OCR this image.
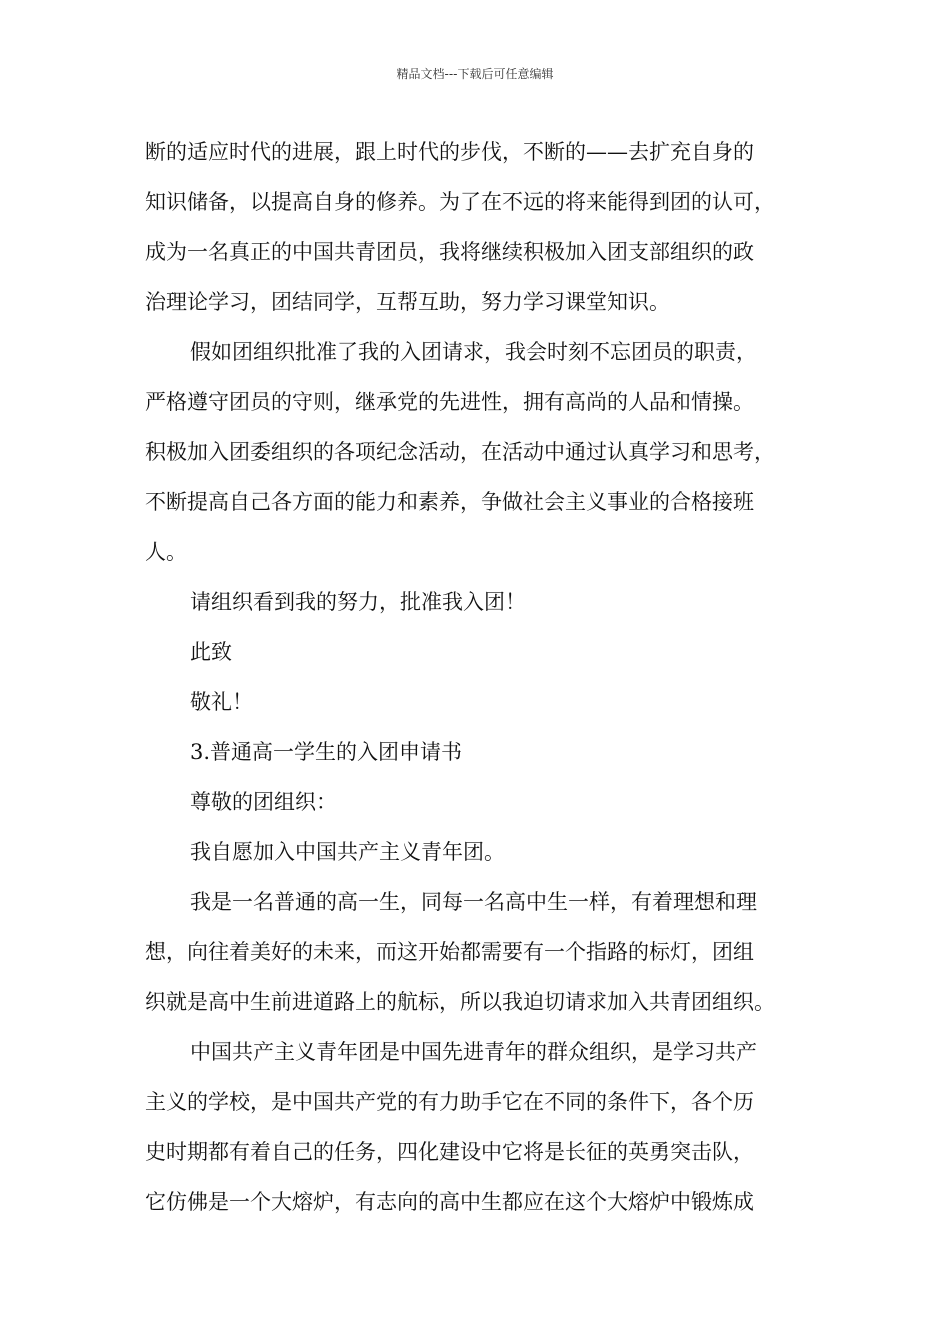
精品文档---下载后可任意编辑
断的适应时代的进展，跟上时代的步伐，不断的——去扩充自身的
知识储备，以提高自身的修养。为了在不远的将来能得到团的认可，
成为一名真正的中国共青团员，我将继续积极加入团支部组织的政
治理论学习，团结同学，互帮互助，努力学习课堂知识。
假如团组织批准了我的入团请求，我会时刻不忘团员的职责，
严格遵守团员的守则，继承党的先进性，拥有高尚的人品和情操。
积极加入团委组织的各项纪念活动，在活动中通过认真学习和思考，
不断提高自己各方面的能力和素养，争做社会主义事业的合格接班
人。
请组织看到我的努力，批准我入团！
此致
敬礼！
3.普通高一学生的入团申请书
尊敬的团组织：
我自愿加入中国共产主义青年团。
我是一名普通的高一生，同每一名高中生一样，有着理想和理
想，向往着美好的未来，而这开始都需要有一个指路的标灯，团组
织就是高中生前进道路上的航标，所以我迫切请求加入共青团组织。
中国共产主义青年团是中国先进青年的群众组织，是学习共产
主义的学校，是中国共产党的有力助手它在不同的条件下，各个历
史时期都有着自己的任务，四化建设中它将是长征的英勇突击队，
它仿佛是一个大熔炉，有志向的高中生都应在这个大熔炉中锻炼成
